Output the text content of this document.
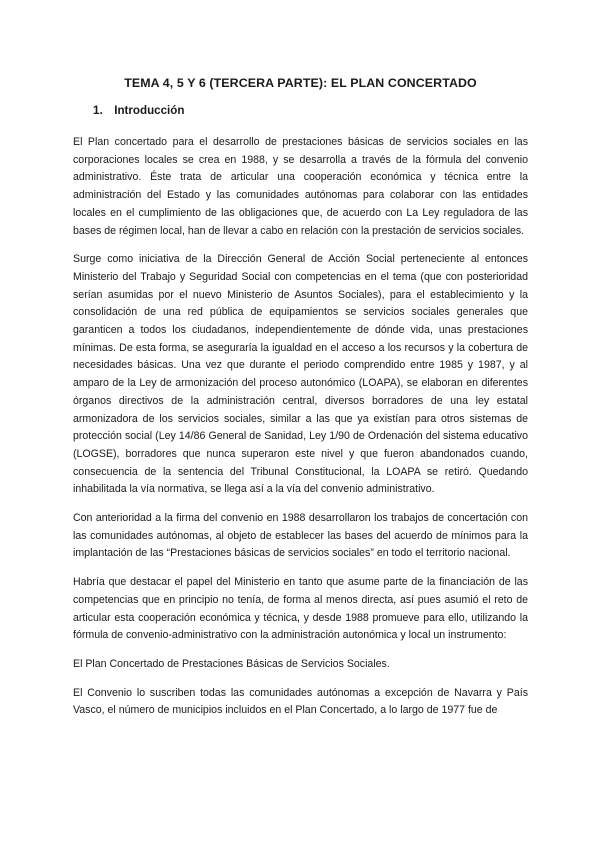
TEMA 4, 5 Y 6 (TERCERA PARTE): EL PLAN CONCERTADO
1. Introducción

El Plan concertado para el desarrollo de prestaciones básicas de servicios sociales en las corporaciones locales se crea en 1988, y se desarrolla a través de la fórmula del convenio administrativo. Éste trata de articular una cooperación económica y técnica entre la administración del Estado y las comunidades autónomas para colaborar con las entidades locales en el cumplimiento de las obligaciones que, de acuerdo con La Ley reguladora de las bases de régimen local, han de llevar a cabo en relación con la prestación de servicios sociales.

Surge como iniciativa de la Dirección General de Acción Social perteneciente al entonces Ministerio del Trabajo y Seguridad Social con competencias en el tema (que con posterioridad serían asumidas por el nuevo Ministerio de Asuntos Sociales), para el establecimiento y la consolidación de una red pública de equipamientos se servicios sociales generales que garanticen a todos los ciudadanos, independientemente de dónde vida, unas prestaciones mínimas. De esta forma, se aseguraría la igualdad en el acceso a los recursos y la cobertura de necesidades básicas. Una vez que durante el periodo comprendido entre 1985 y 1987, y al amparo de la Ley de armonización del proceso autonómico (LOAPA), se elaboran en diferentes órganos directivos de la administración central, diversos borradores de una ley estatal armonizadora de los servicios sociales, similar a las que ya existían para otros sistemas de protección social (Ley 14/86 General de Sanidad, Ley 1/90 de Ordenación del sistema educativo (LOGSE), borradores que nunca superaron este nivel y que fueron abandonados cuando, consecuencia de la sentencia del Tribunal Constitucional, la LOAPA se retiró. Quedando inhabilitada la vía normativa, se llega así a la vía del convenio administrativo.

Con anterioridad a la firma del convenio en 1988 desarrollaron los trabajos de concertación con las comunidades autónomas, al objeto de establecer las bases del acuerdo de mínimos para la implantación de las “Prestaciones básicas de servicios sociales” en todo el territorio nacional.

Habría que destacar el papel del Ministerio en tanto que asume parte de la financiación de las competencias que en principio no tenía, de forma al menos directa, así pues asumió el reto de articular esta cooperación económica y técnica, y desde 1988 promueve para ello, utilizando la fórmula de convenio-administrativo con la administración autonómica y local un instrumento:

El Plan Concertado de Prestaciones Básicas de Servicios Sociales.

El Convenio lo suscriben todas las comunidades autónomas a excepción de Navarra y País Vasco, el número de municipios incluidos en el Plan Concertado, a lo largo de 1977 fue de
